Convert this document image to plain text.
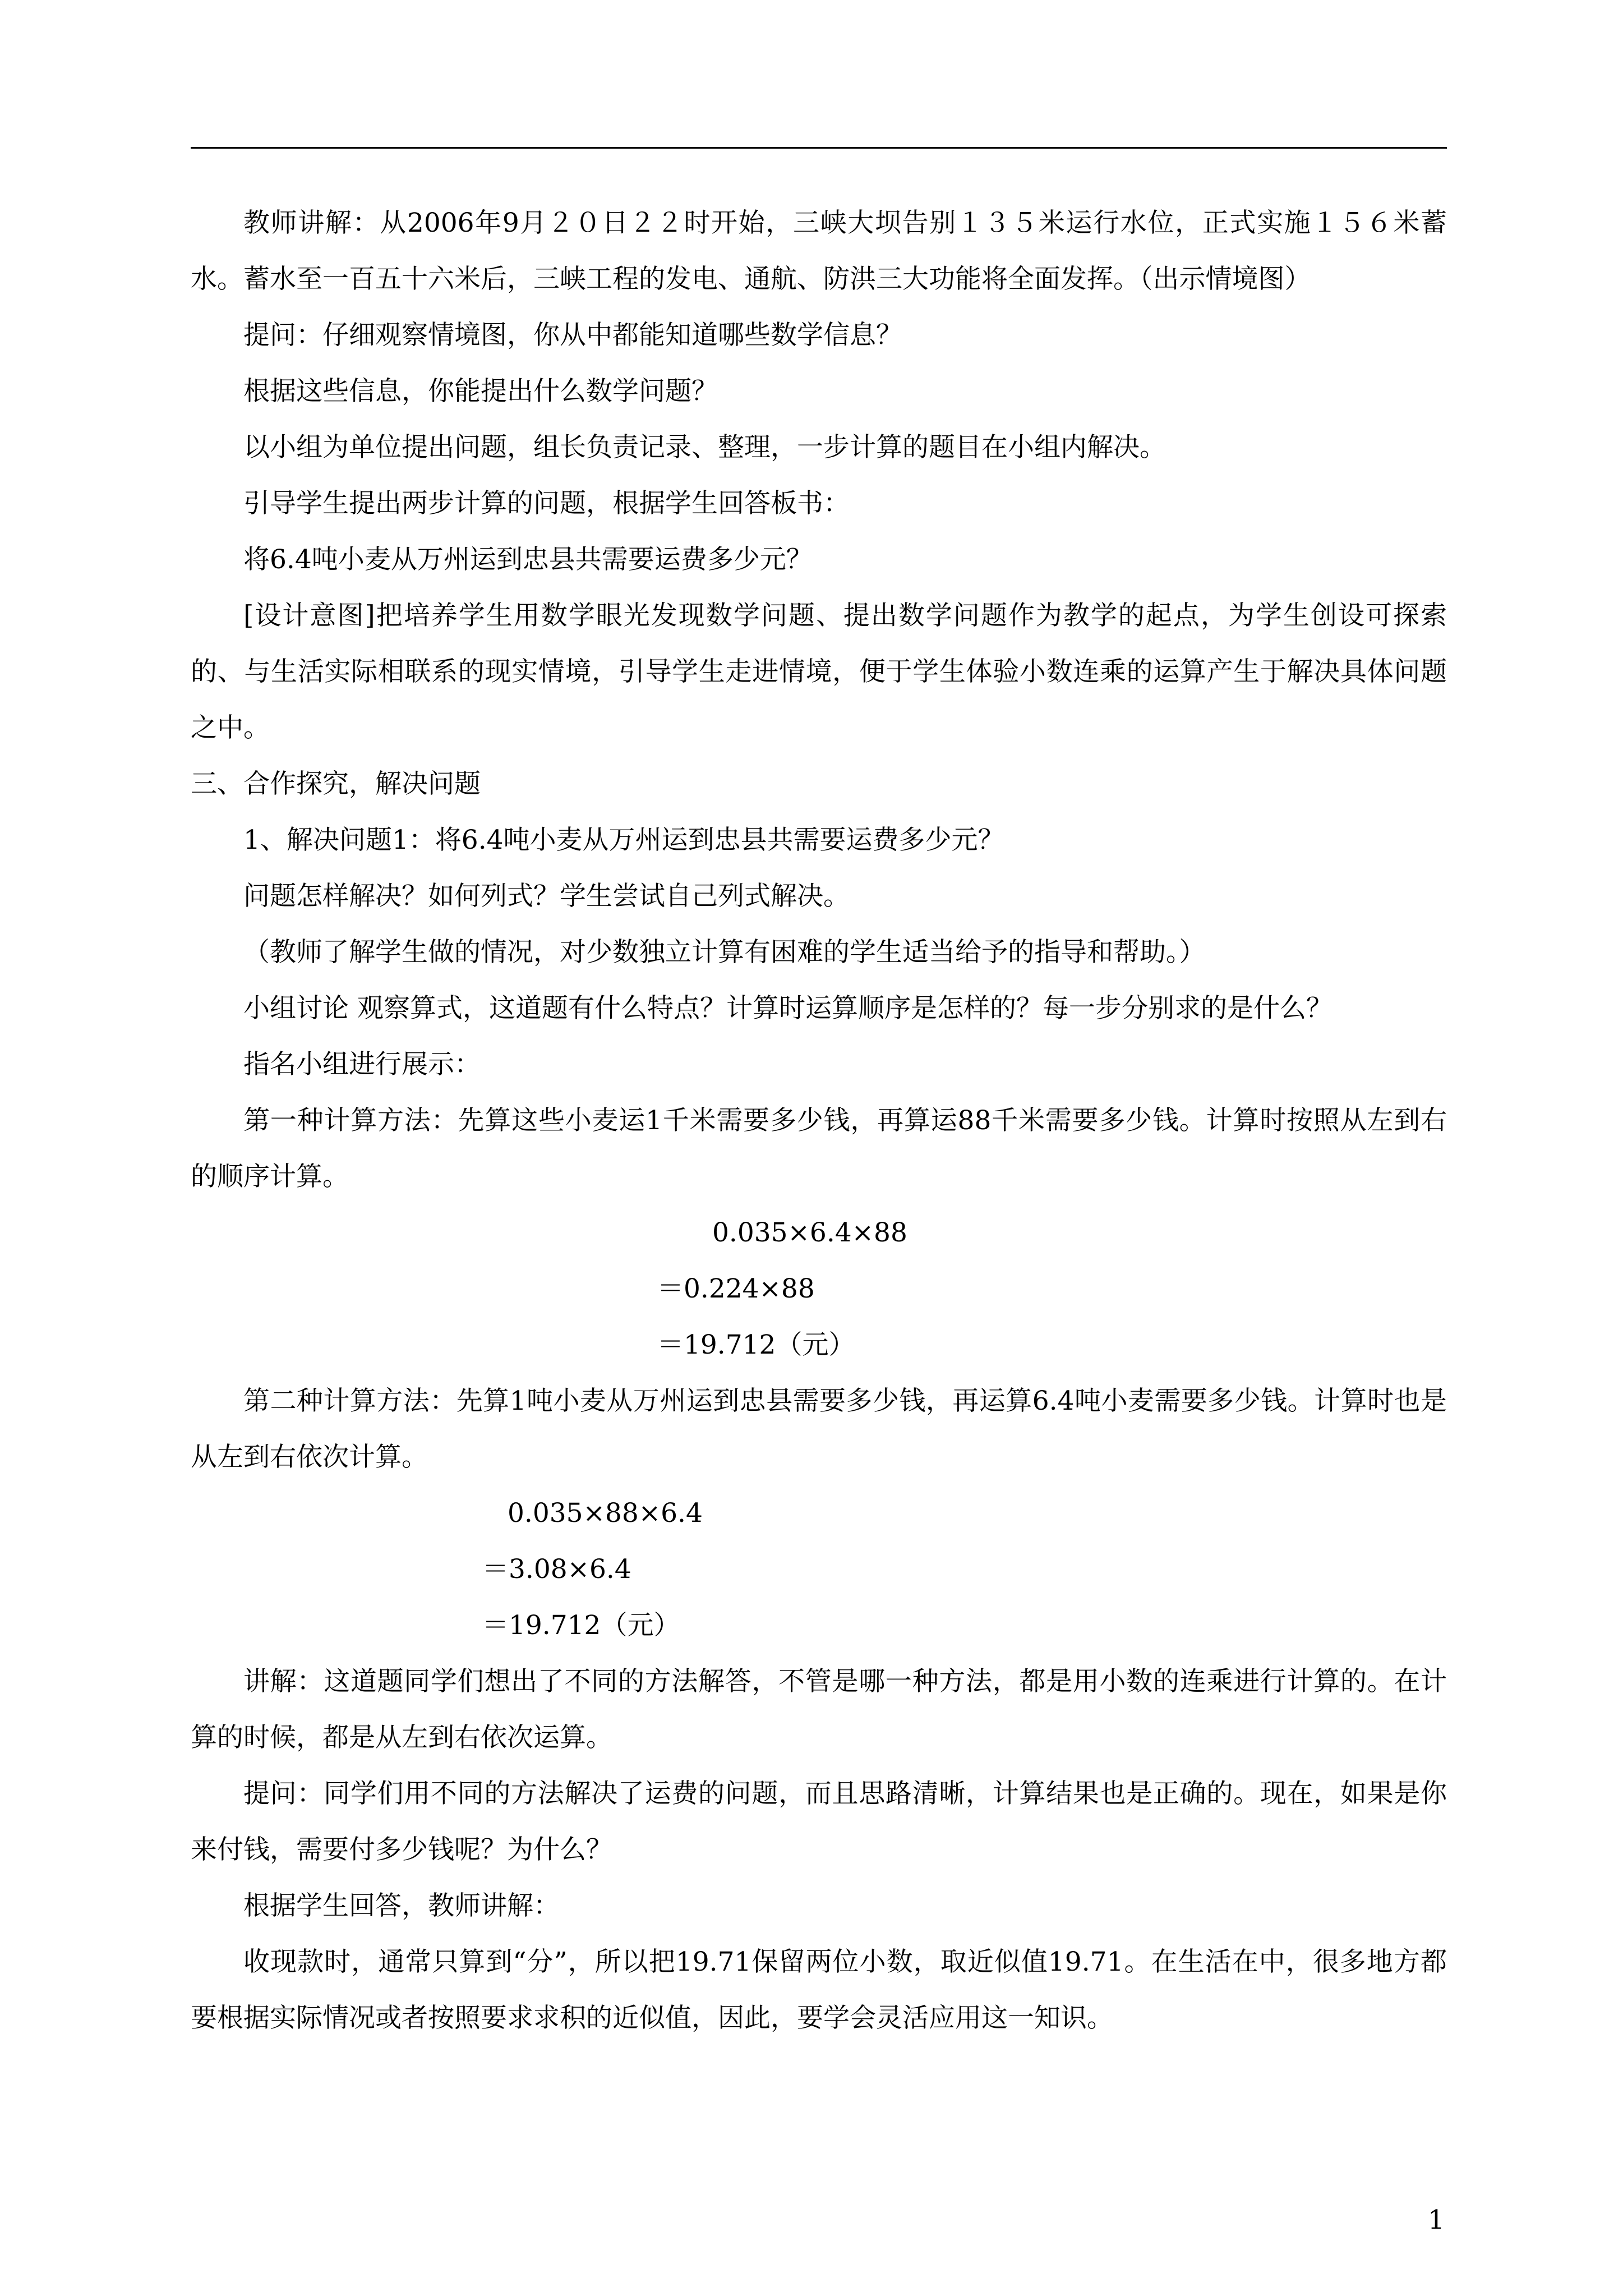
教师讲解：从2006年9月２０日２２时开始，三峡大坝告别１３５米运行水位，正式实施１５６米蓄水。蓄水至一百五十六米后，三峡工程的发电、通航、防洪三大功能将全面发挥。（出示情境图）

提问：仔细观察情境图，你从中都能知道哪些数学信息？

根据这些信息，你能提出什么数学问题？

以小组为单位提出问题，组长负责记录、整理，一步计算的题目在小组内解决。

引导学生提出两步计算的问题，根据学生回答板书：

将6.4吨小麦从万州运到忠县共需要运费多少元？

[设计意图]把培养学生用数学眼光发现数学问题、提出数学问题作为教学的起点，为学生创设可探索的、与生活实际相联系的现实情境，引导学生走进情境，便于学生体验小数连乘的运算产生于解决具体问题之中。

三、合作探究，解决问题

1、解决问题1：将6.4吨小麦从万州运到忠县共需要运费多少元？

问题怎样解决？如何列式？学生尝试自己列式解决。

（教师了解学生做的情况，对少数独立计算有困难的学生适当给予的指导和帮助。）

小组讨论 观察算式，这道题有什么特点？计算时运算顺序是怎样的？每一步分别求的是什么？

指名小组进行展示：

第一种计算方法：先算这些小麦运1千米需要多少钱，再算运88千米需要多少钱。计算时按照从左到右的顺序计算。

0.035×6.4×88

＝0.224×88

＝19.712（元）

第二种计算方法：先算1吨小麦从万州运到忠县需要多少钱，再运算6.4吨小麦需要多少钱。计算时也是从左到右依次计算。

0.035×88×6.4

＝3.08×6.4

＝19.712（元）

讲解：这道题同学们想出了不同的方法解答，不管是哪一种方法，都是用小数的连乘进行计算的。在计算的时候，都是从左到右依次运算。

提问：同学们用不同的方法解决了运费的问题，而且思路清晰，计算结果也是正确的。现在，如果是你来付钱，需要付多少钱呢？为什么？

根据学生回答，教师讲解：

收现款时，通常只算到“分”，所以把19.71保留两位小数，取近似值19.71。在生活在中，很多地方都要根据实际情况或者按照要求求积的近似值，因此，要学会灵活应用这一知识。

1
